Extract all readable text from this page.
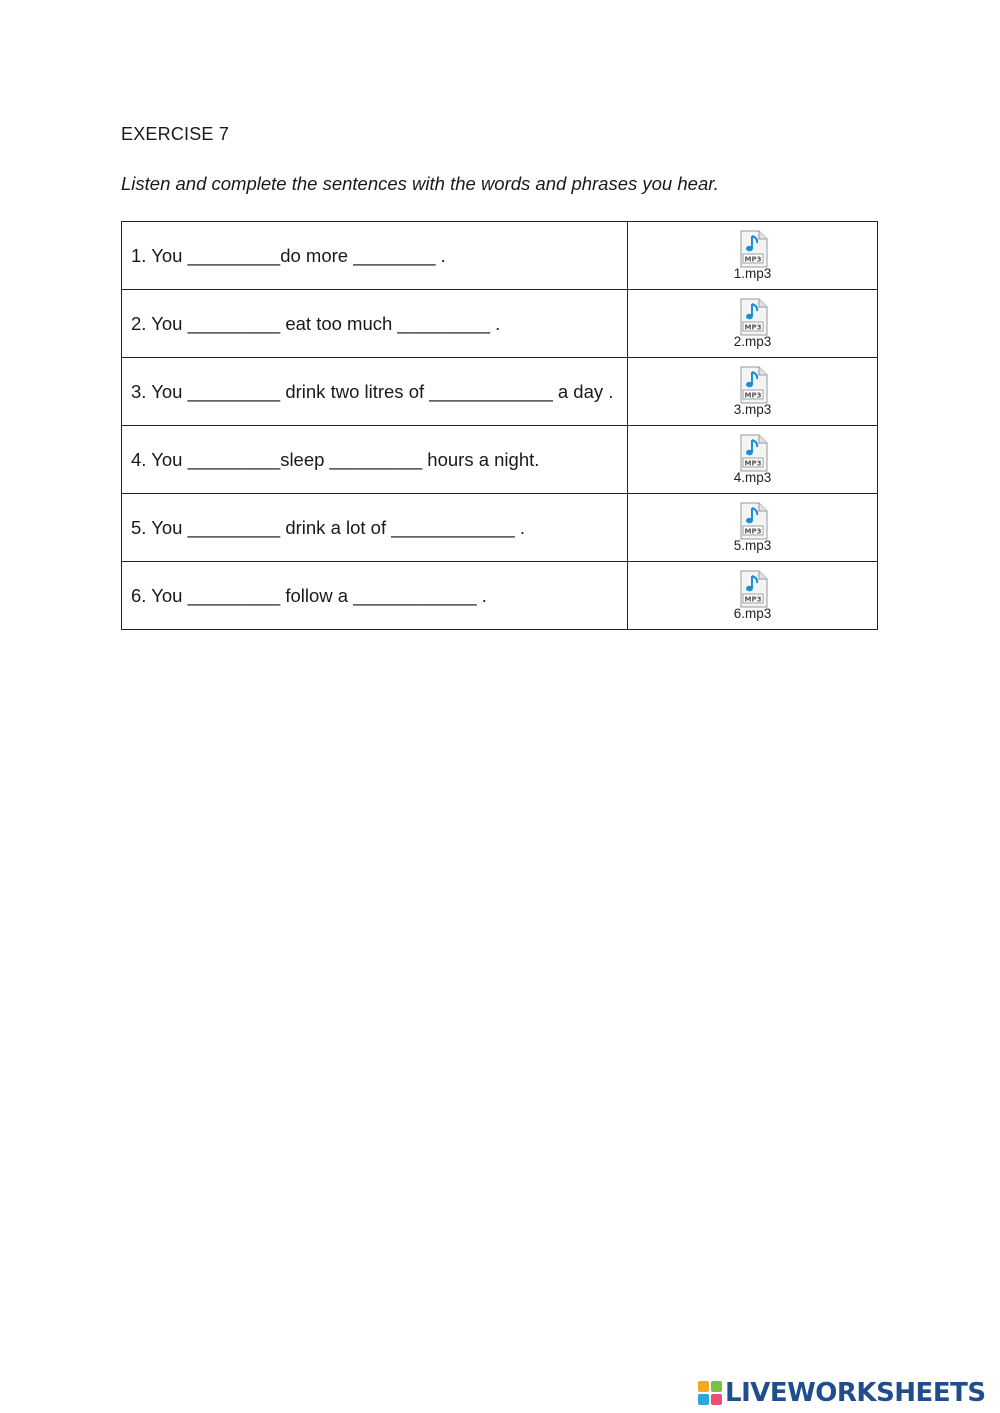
EXERCISE 7
Listen and complete the sentences with the words and phrases you hear.
1. You _________do more ________ .	1.mp3

2. You _________ eat too much _________ .	2.mp3

3. You _________ drink two litres of ____________ a day .	3.mp3

4. You _________sleep _________ hours a night.	4.mp3

5. You _________ drink a lot of ____________ .	5.mp3

6. You _________ follow a ____________ .	6.mp3
LIVEWORKSHEETS
